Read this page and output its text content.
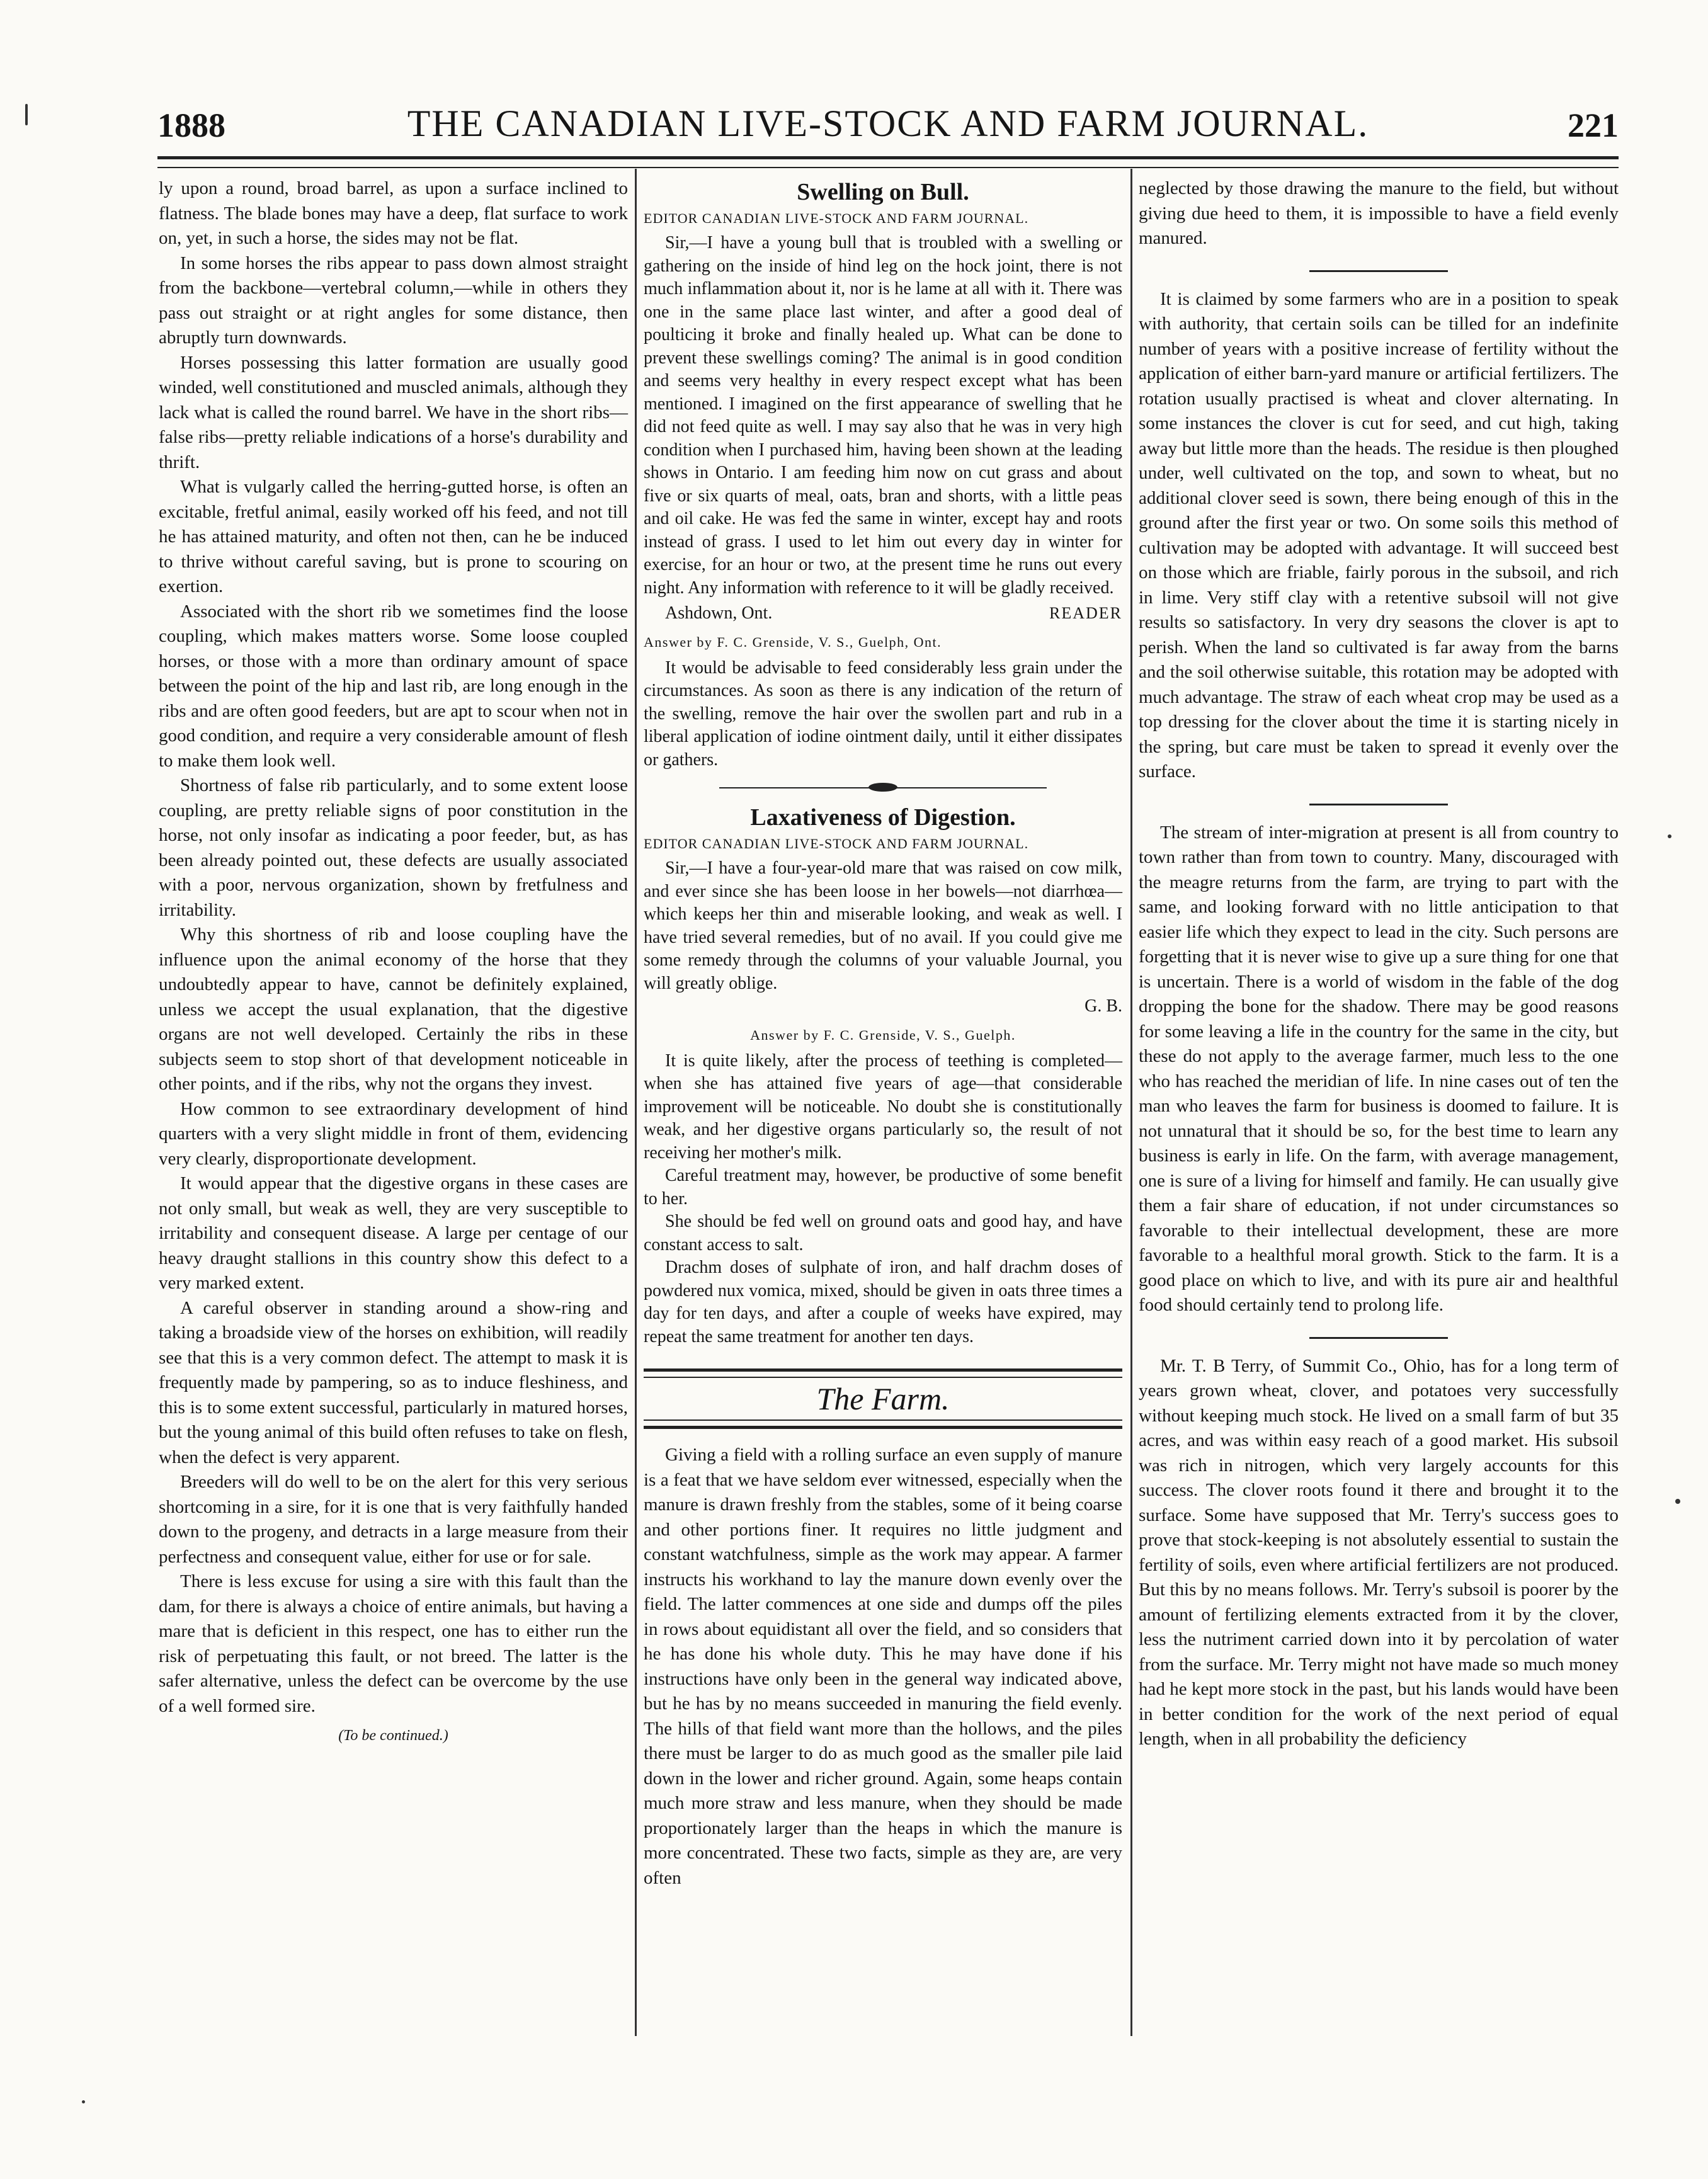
1888	THE CANADIAN LIVE-STOCK AND FARM JOURNAL.	221

ly upon a round, broad barrel, as upon a surface inclined to flatness. The blade bones may have a deep, flat surface to work on, yet, in such a horse, the sides may not be flat.

In some horses the ribs appear to pass down almost straight from the backbone—vertebral column,—while in others they pass out straight or at right angles for some distance, then abruptly turn downwards.

Horses possessing this latter formation are usually good winded, well constitutioned and muscled animals, although they lack what is called the round barrel. We have in the short ribs—false ribs—pretty reliable indications of a horse's durability and thrift.

What is vulgarly called the herring-gutted horse, is often an excitable, fretful animal, easily worked off his feed, and not till he has attained maturity, and often not then, can he be induced to thrive without careful saving, but is prone to scouring on exertion.

Associated with the short rib we sometimes find the loose coupling, which makes matters worse. Some loose coupled horses, or those with a more than ordinary amount of space between the point of the hip and last rib, are long enough in the ribs and are often good feeders, but are apt to scour when not in good condition, and require a very considerable amount of flesh to make them look well.

Shortness of false rib particularly, and to some extent loose coupling, are pretty reliable signs of poor constitution in the horse, not only insofar as indicating a poor feeder, but, as has been already pointed out, these defects are usually associated with a poor, nervous organization, shown by fretfulness and irritability.

Why this shortness of rib and loose coupling have the influence upon the animal economy of the horse that they undoubtedly appear to have, cannot be definitely explained, unless we accept the usual explanation, that the digestive organs are not well developed. Certainly the ribs in these subjects seem to stop short of that development noticeable in other points, and if the ribs, why not the organs they invest.

How common to see extraordinary development of hind quarters with a very slight middle in front of them, evidencing very clearly, disproportionate development.

It would appear that the digestive organs in these cases are not only small, but weak as well, they are very susceptible to irritability and consequent disease. A large per centage of our heavy draught stallions in this country show this defect to a very marked extent.

A careful observer in standing around a show-ring and taking a broadside view of the horses on exhibition, will readily see that this is a very common defect. The attempt to mask it is frequently made by pampering, so as to induce fleshiness, and this is to some extent successful, particularly in matured horses, but the young animal of this build often refuses to take on flesh, when the defect is very apparent.

Breeders will do well to be on the alert for this very serious shortcoming in a sire, for it is one that is very faithfully handed down to the progeny, and detracts in a large measure from their perfectness and consequent value, either for use or for sale.

There is less excuse for using a sire with this fault than the dam, for there is always a choice of entire animals, but having a mare that is deficient in this respect, one has to either run the risk of perpetuating this fault, or not breed. The latter is the safer alternative, unless the defect can be overcome by the use of a well formed sire.

(To be continued.)
Swelling on Bull.
EDITOR CANADIAN LIVE-STOCK AND FARM JOURNAL.

Sir,—I have a young bull that is troubled with a swelling or gathering on the inside of hind leg on the hock joint, there is not much inflammation about it, nor is he lame at all with it. There was one in the same place last winter, and after a good deal of poulticing it broke and finally healed up. What can be done to prevent these swellings coming? The animal is in good condition and seems very healthy in every respect except what has been mentioned. I imagined on the first appearance of swelling that he did not feed quite as well. I may say also that he was in very high condition when I purchased him, having been shown at the leading shows in Ontario. I am feeding him now on cut grass and about five or six quarts of meal, oats, bran and shorts, with a little peas and oil cake. He was fed the same in winter, except hay and roots instead of grass. I used to let him out every day in winter for exercise, for an hour or two, at the present time he runs out every night. Any information with reference to it will be gladly received.

Ashdown, Ont.	READER
Answer by F. C. Grenside, V. S., Guelph, Ont.

It would be advisable to feed considerably less grain under the circumstances. As soon as there is any indication of the return of the swelling, remove the hair over the swollen part and rub in a liberal application of iodine ointment daily, until it either dissipates or gathers.

Laxativeness of Digestion.
EDITOR CANADIAN LIVE-STOCK AND FARM JOURNAL.

Sir,—I have a four-year-old mare that was raised on cow milk, and ever since she has been loose in her bowels—not diarrhœa—which keeps her thin and miserable looking, and weak as well. I have tried several remedies, but of no avail. If you could give me some remedy through the columns of your valuable Journal, you will greatly oblige.

G. B.
Answer by F. C. Grenside, V. S., Guelph.

It is quite likely, after the process of teething is completed—when she has attained five years of age—that considerable improvement will be noticeable. No doubt she is constitutionally weak, and her digestive organs particularly so, the result of not receiving her mother's milk.

Careful treatment may, however, be productive of some benefit to her.

She should be fed well on ground oats and good hay, and have constant access to salt.

Drachm doses of sulphate of iron, and half drachm doses of powdered nux vomica, mixed, should be given in oats three times a day for ten days, and after a couple of weeks have expired, may repeat the same treatment for another ten days.

The Farm.

Giving a field with a rolling surface an even supply of manure is a feat that we have seldom ever witnessed, especially when the manure is drawn freshly from the stables, some of it being coarse and other portions finer. It requires no little judgment and constant watchfulness, simple as the work may appear. A farmer instructs his workhand to lay the manure down evenly over the field. The latter commences at one side and dumps off the piles in rows about equidistant all over the field, and so considers that he has done his whole duty. This he may have done if his instructions have only been in the general way indicated above, but he has by no means succeeded in manuring the field evenly. The hills of that field want more than the hollows, and the piles there must be larger to do as much good as the smaller pile laid down in the lower and richer ground. Again, some heaps contain much more straw and less manure, when they should be made proportionately larger than the heaps in which the manure is more concentrated. These two facts, simple as they are, are very often

neglected by those drawing the manure to the field, but without giving due heed to them, it is impossible to have a field evenly manured.

It is claimed by some farmers who are in a position to speak with authority, that certain soils can be tilled for an indefinite number of years with a positive increase of fertility without the application of either barn-yard manure or artificial fertilizers. The rotation usually practised is wheat and clover alternating. In some instances the clover is cut for seed, and cut high, taking away but little more than the heads. The residue is then ploughed under, well cultivated on the top, and sown to wheat, but no additional clover seed is sown, there being enough of this in the ground after the first year or two. On some soils this method of cultivation may be adopted with advantage. It will succeed best on those which are friable, fairly porous in the subsoil, and rich in lime. Very stiff clay with a retentive subsoil will not give results so satisfactory. In very dry seasons the clover is apt to perish. When the land so cultivated is far away from the barns and the soil otherwise suitable, this rotation may be adopted with much advantage. The straw of each wheat crop may be used as a top dressing for the clover about the time it is starting nicely in the spring, but care must be taken to spread it evenly over the surface.

The stream of inter-migration at present is all from country to town rather than from town to country. Many, discouraged with the meagre returns from the farm, are trying to part with the same, and looking forward with no little anticipation to that easier life which they expect to lead in the city. Such persons are forgetting that it is never wise to give up a sure thing for one that is uncertain. There is a world of wisdom in the fable of the dog dropping the bone for the shadow. There may be good reasons for some leaving a life in the country for the same in the city, but these do not apply to the average farmer, much less to the one who has reached the meridian of life. In nine cases out of ten the man who leaves the farm for business is doomed to failure. It is not unnatural that it should be so, for the best time to learn any business is early in life. On the farm, with average management, one is sure of a living for himself and family. He can usually give them a fair share of education, if not under circumstances so favorable to their intellectual development, these are more favorable to a healthful moral growth. Stick to the farm. It is a good place on which to live, and with its pure air and healthful food should certainly tend to prolong life.

Mr. T. B Terry, of Summit Co., Ohio, has for a long term of years grown wheat, clover, and potatoes very successfully without keeping much stock. He lived on a small farm of but 35 acres, and was within easy reach of a good market. His subsoil was rich in nitrogen, which very largely accounts for this success. The clover roots found it there and brought it to the surface. Some have supposed that Mr. Terry's success goes to prove that stock-keeping is not absolutely essential to sustain the fertility of soils, even where artificial fertilizers are not produced. But this by no means follows. Mr. Terry's subsoil is poorer by the amount of fertilizing elements extracted from it by the clover, less the nutriment carried down into it by percolation of water from the surface. Mr. Terry might not have made so much money had he kept more stock in the past, but his lands would have been in better condition for the work of the next period of equal length, when in all probability the deficiency
